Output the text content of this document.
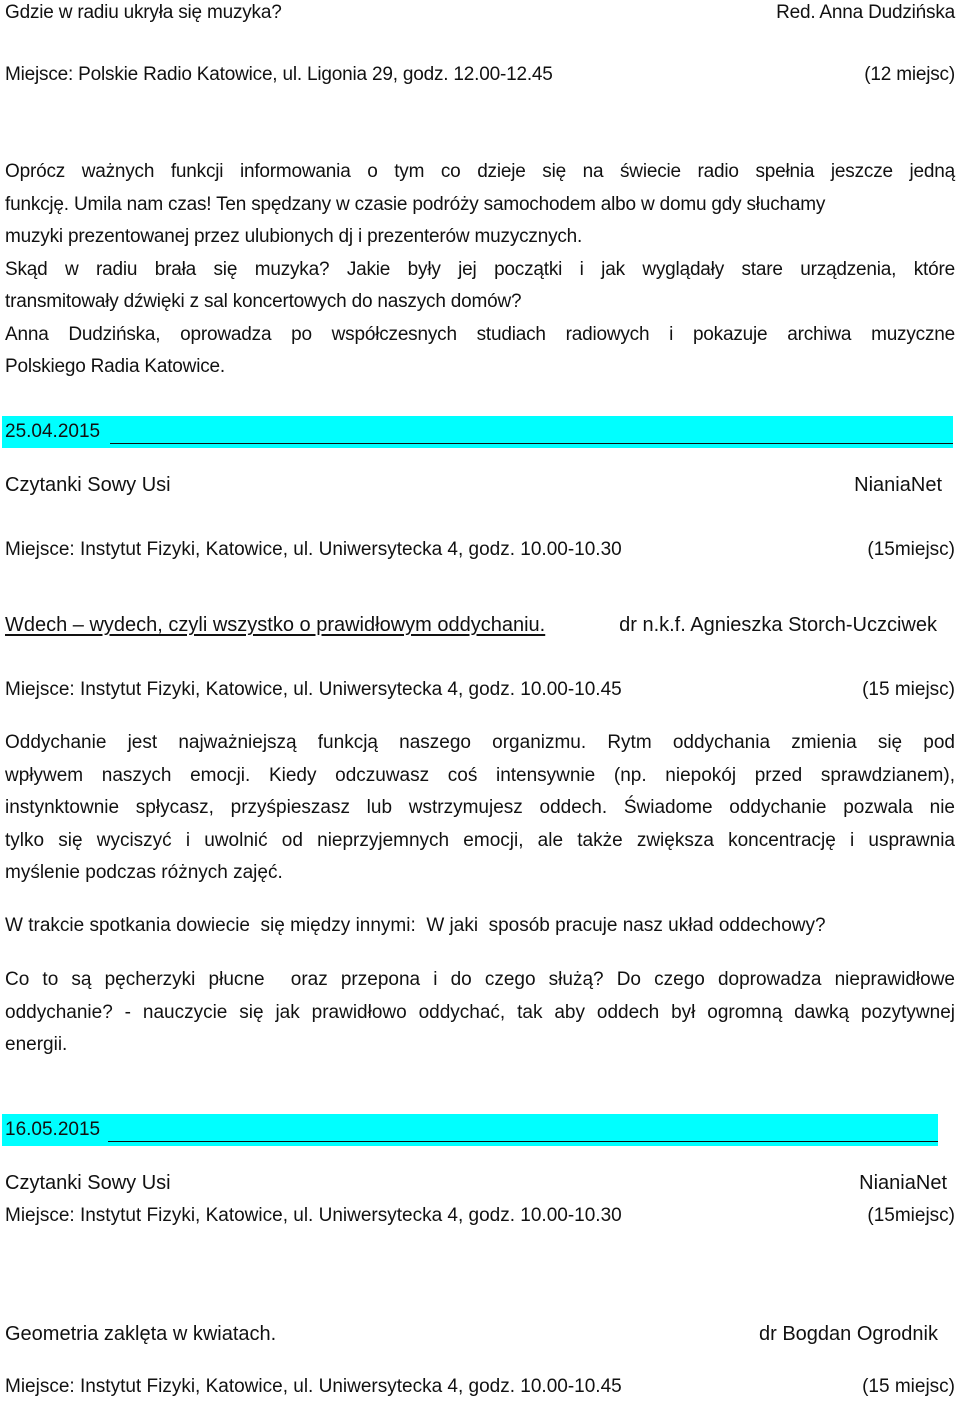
Gdzie w radiu ukryła się muzyka?	Red. Anna Dudzińska
Miejsce: Polskie Radio Katowice, ul. Ligonia 29, godz. 12.00-12.45	(12 miejsc)
Oprócz ważnych funkcji informowania o tym co dzieje się na świecie radio spełnia jeszcze jedną
funkcję. Umila nam czas! Ten spędzany w czasie podróży samochodem albo w domu gdy słuchamy
muzyki prezentowanej przez ulubionych dj i prezenterów muzycznych.
Skąd w radiu brała się muzyka? Jakie były jej początki i jak wyglądały stare urządzenia, które
transmitowały dźwięki z sal koncertowych do naszych domów?
Anna Dudzińska, oprowadza po współczesnych studiach radiowych i pokazuje archiwa muzyczne
Polskiego Radia Katowice.
25.04.2015
Czytanki Sowy Usi	NianiaNet
Miejsce: Instytut Fizyki, Katowice, ul. Uniwersytecka 4, godz. 10.00-10.30	(15miejsc)
Wdech – wydech, czyli wszystko o prawidłowym oddychaniu.	dr n.k.f. Agnieszka Storch-Uczciwek
Miejsce: Instytut Fizyki, Katowice, ul. Uniwersytecka 4, godz. 10.00-10.45	(15 miejsc)
Oddychanie jest najważniejszą funkcją naszego organizmu. Rytm oddychania zmienia się pod
wpływem naszych emocji. Kiedy odczuwasz coś intensywnie (np. niepokój przed sprawdzianem),
instynktownie spłycasz, przyśpieszasz lub wstrzymujesz oddech. Świadome oddychanie pozwala nie
tylko się wyciszyć i uwolnić od nieprzyjemnych emocji, ale także zwiększa koncentrację i usprawnia
myślenie podczas różnych zajęć.
W trakcie spotkania dowiecie  się między innymi:  W jaki  sposób pracuje nasz układ oddechowy?
Co to są pęcherzyki płucne  oraz przepona i do czego służą? Do czego doprowadza nieprawidłowe
oddychanie? - nauczycie się jak prawidłowo oddychać, tak aby oddech był ogromną dawką pozytywnej
energii.
16.05.2015
Czytanki Sowy Usi	NianiaNet
Miejsce: Instytut Fizyki, Katowice, ul. Uniwersytecka 4, godz. 10.00-10.30	(15miejsc)
Geometria zaklęta w kwiatach.	dr Bogdan Ogrodnik
Miejsce: Instytut Fizyki, Katowice, ul. Uniwersytecka 4, godz. 10.00-10.45	(15 miejsc)
